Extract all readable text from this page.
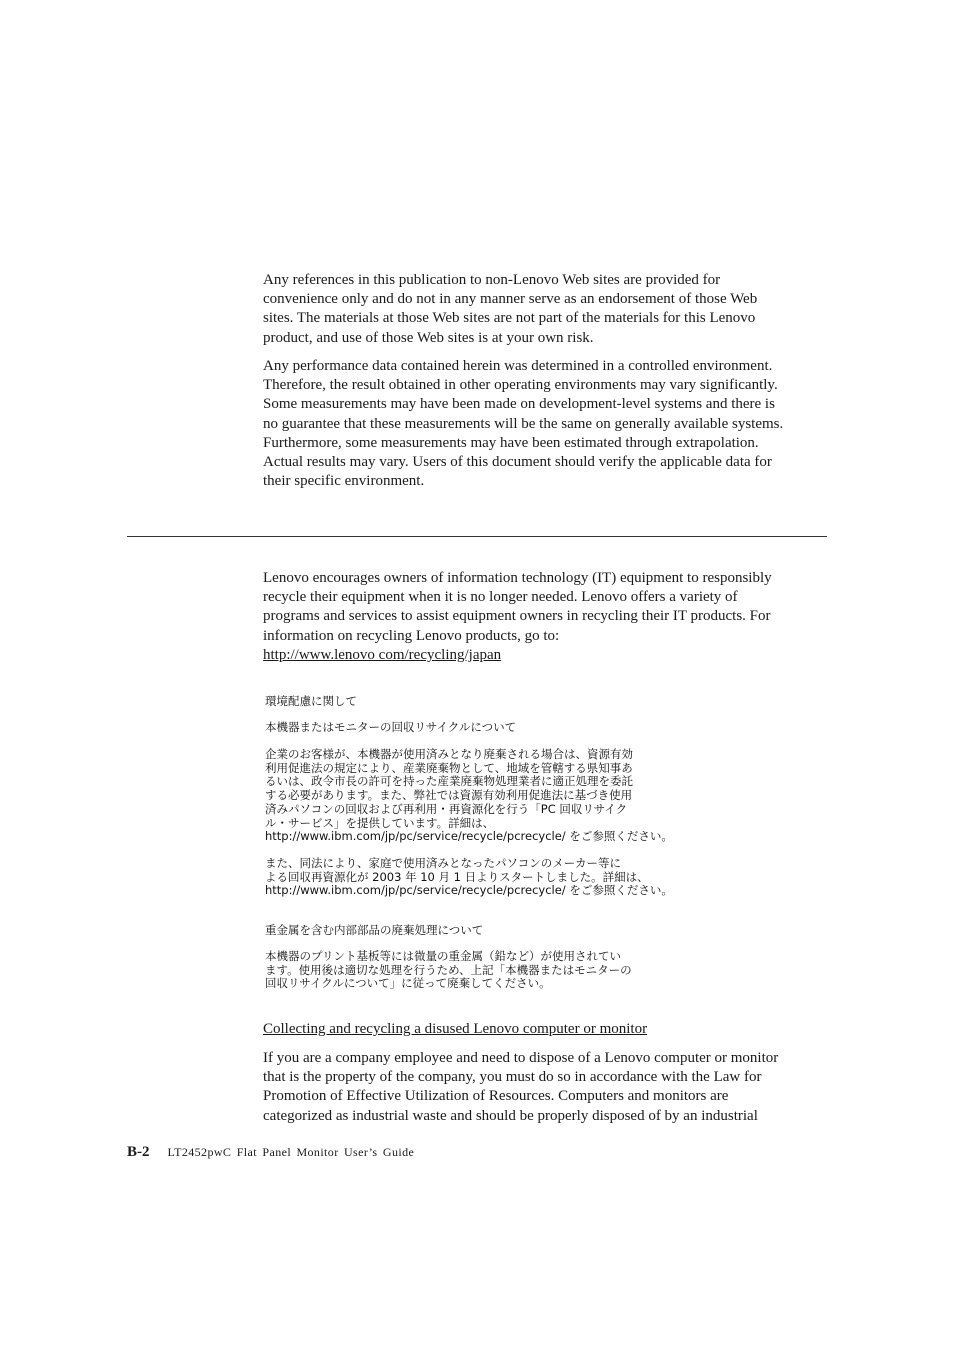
Any references in this publication to non-Lenovo Web sites are provided for
convenience only and do not in any manner serve as an endorsement of those Web
sites. The materials at those Web sites are not part of the materials for this Lenovo
product, and use of those Web sites is at your own risk.

Any performance data contained herein was determined in a controlled environment.
Therefore, the result obtained in other operating environments may vary significantly.
Some measurements may have been made on development-level systems and there is
no guarantee that these measurements will be the same on generally available systems.
Furthermore, some measurements may have been estimated through extrapolation.
Actual results may vary. Users of this document should verify the applicable data for
their specific environment.

Lenovo encourages owners of information technology (IT) equipment to responsibly
recycle their equipment when it is no longer needed. Lenovo offers a variety of
programs and services to assist equipment owners in recycling their IT products. For
information on recycling Lenovo products, go to:
http://www.lenovo com/recycling/japan

環境配慮に関して
本機器またはモニターの回収リサイクルについて
企業のお客様が、本機器が使用済みとなり廃棄される場合は、資源有効
利用促進法の規定により、産業廃棄物として、地域を管轄する県知事あ
るいは、政令市長の許可を持った産業廃棄物処理業者に適正処理を委託
する必要があります。また、弊社では資源有効利用促進法に基づき使用
済みパソコンの回収および再利用・再資源化を行う「PC 回収リサイク
ル・サービス」を提供しています。詳細は、
http://www.ibm.com/jp/pc/service/recycle/pcrecycle/ をご参照ください。
また、同法により、家庭で使用済みとなったパソコンのメーカー等に
よる回収再資源化が 2003 年 10 月 1 日よりスタートしました。詳細は、
http://www.ibm.com/jp/pc/service/recycle/pcrecycle/ をご参照ください。
重金属を含む内部部品の廃棄処理について
本機器のプリント基板等には微量の重金属（鉛など）が使用されてい
ます。使用後は適切な処理を行うため、上記「本機器またはモニターの
回収リサイクルについて」に従って廃棄してください。
Collecting and recycling a disused Lenovo computer or monitor

If you are a company employee and need to dispose of a Lenovo computer or monitor
that is the property of the company, you must do so in accordance with the Law for
Promotion of Effective Utilization of Resources. Computers and monitors are
categorized as industrial waste and should be properly disposed of by an industrial

B-2 LT2452pwC Flat Panel Monitor User’s Guide
